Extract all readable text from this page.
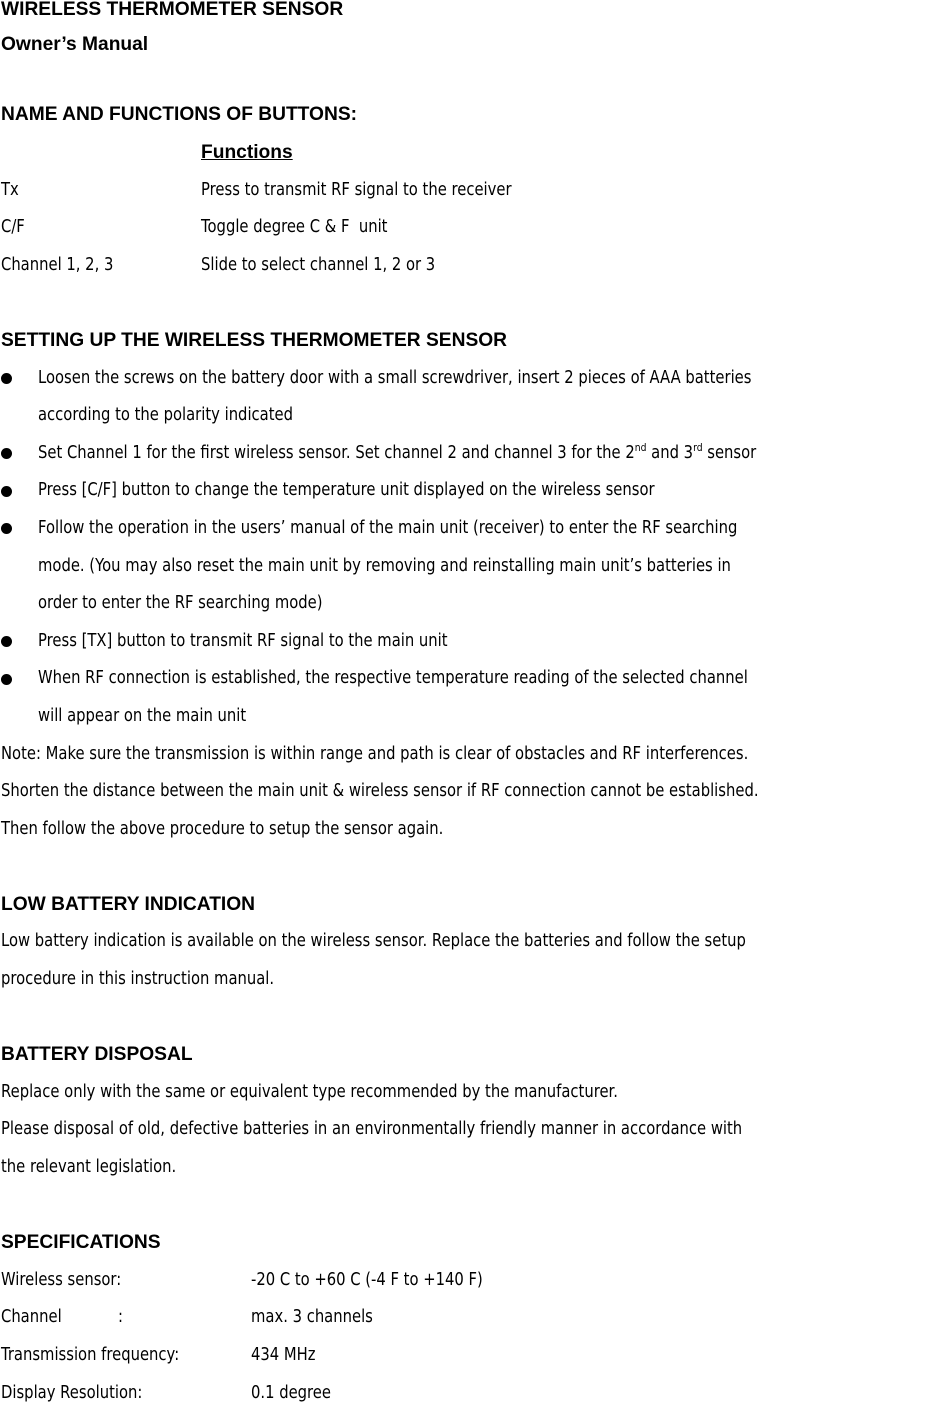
WIRELESS THERMOMETER SENSOR
Owner’s Manual
NAME AND FUNCTIONS OF BUTTONS:
Functions
Tx	Press to transmit RF signal to the receiver
C/F	Toggle degree C & F  unit
Channel 1, 2, 3	Slide to select channel 1, 2 or 3
SETTING UP THE WIRELESS THERMOMETER SENSOR
Loosen the screws on the battery door with a small screwdriver, insert 2 pieces of AAA batteries
according to the polarity indicated
Set Channel 1 for the first wireless sensor. Set channel 2 and channel 3 for the 2nd and 3rd sensor
Press [C/F] button to change the temperature unit displayed on the wireless sensor
Follow the operation in the users’ manual of the main unit (receiver) to enter the RF searching
mode. (You may also reset the main unit by removing and reinstalling main unit’s batteries in
order to enter the RF searching mode)
Press [TX] button to transmit RF signal to the main unit
When RF connection is established, the respective temperature reading of the selected channel
will appear on the main unit
Note: Make sure the transmission is within range and path is clear of obstacles and RF interferences.
Shorten the distance between the main unit & wireless sensor if RF connection cannot be established.
Then follow the above procedure to setup the sensor again.
LOW BATTERY INDICATION
Low battery indication is available on the wireless sensor. Replace the batteries and follow the setup
procedure in this instruction manual.
BATTERY DISPOSAL
Replace only with the same or equivalent type recommended by the manufacturer.
Please disposal of old, defective batteries in an environmentally friendly manner in accordance with
the relevant legislation.
SPECIFICATIONS
Wireless sensor:	-20 C to +60 C (-4 F to +140 F)
Channel            :	max. 3 channels
Transmission frequency:	434 MHz
Display Resolution:	0.1 degree
